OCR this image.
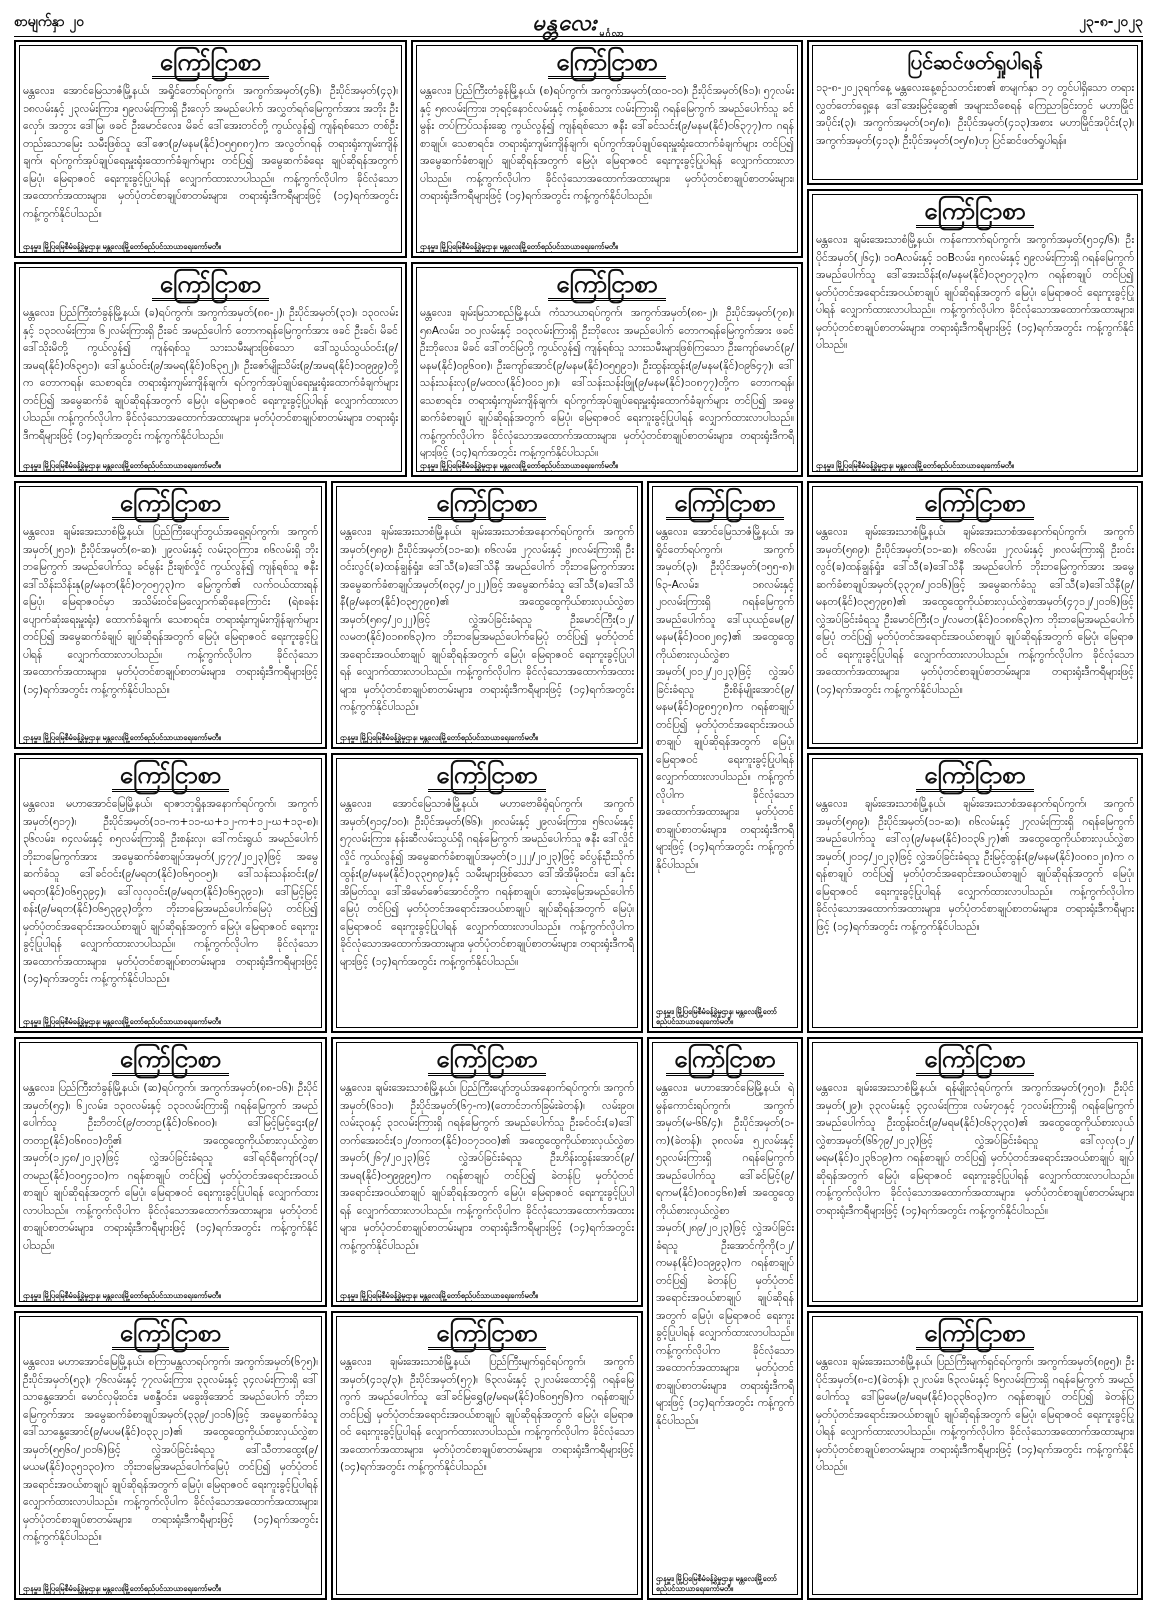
စာမျက်နှာ ၂၀	မန္တလေး မင်္ဂလာ
၂၃-၈-၂၀၂၃
ကြော်ငြာစာ
မန္တလေး၊ အောင်မြေသာဇံမြို့နယ်၊ အရှိုင်တော်ရပ်ကွက်၊ အကွက်အမှတ်(၄၆)၊ ဦးပိုင်အမှတ်(၄၃)၊ ၁၈လမ်းနှင့် ၂၃လမ်းကြား၊ ၅၉လမ်းကြားရှိ ဦးလှော် အမည်ပေါက် အလွှတ်ရဂ်မြေကွက်အား အဘိုး ဦးလှော်၊ အဘွား ဒေါ်မြ၊ ဖခင် ဦးမောင်လေး၊ မိခင် ဒေါ်အေးတင်တို့ ကွယ်လွန်၍ ကျန်ရစ်သော တစ်ဦးတည်းသောမြေး သမီးဖြစ်သူ ဒေါ်ဇော(၉/မနမ(နိုင်)၀၅၅၈၈၇)က အလွတ်ဂရန် တရားရုံးကျမ်းကျိန်ချက်၊ ရပ်ကွက်အုပ်ချုပ်ရေးမှူးရုံးထောက်ခံချက်များ တင်ပြ၍ အမွေဆက်ခံရေး ချုပ်ဆိုရန်အတွက် မြေပုံ၊ မြေရာဇဝင် ရေးကူးခွင့်ပြုပါရန် လျှောက်ထားလာပါသည်။ ကန့်ကွက်လိုပါက ခိုင်လုံသောအထောက်အထားများ၊ မှတ်ပုံတင်စာချုပ်စာတမ်းများ၊ တရားရုံးဒီကရီများဖြင့် (၁၄)ရက်အတွင်း ကန့်ကွက်နိုင်ပါသည်။
ဌာနမှူး၊ မြို့ပြမြေစီမံခန့်ခွဲမှုဌာန၊ မန္တလေးမြို့တော်စည်ပင်သာယာရေးကော်မတီ။
ကြော်ငြာစာ
မန္တလေး၊ ပြည်ကြီးတံခွန်မြို့နယ်၊ (စ)ရပ်ကွက်၊ အကွက်အမှတ်(ထ၀-၁၀)၊ ဦးပိုင်အမှတ်(၆၁)၊ ၅၇လမ်းနှင့် ၅၈လမ်းကြား၊ ဘုရင့်နောင်လမ်းနှင့် ကန့်စစ်သား လမ်းကြားရှိ ဂရန်မြေကွက် အမည်ပေါက်သူ ခင်မွန်း တပ်ကြပ်သန်းဆွေ ကွယ်လွန်၍ ကျန်ရစ်သော ဇနီး ဒေါ်ခင်သင်း(၉/မနမ(နိုင်)၀၆၃၇၇)က ဂရန်စာချုပ်၊ သေစာရင်း၊ တရားရုံးကျမ်းကျိန်ချက်၊ ရပ်ကွက်အုပ်ချုပ်ရေးမှူးရုံးထောက်ခံချက်များ တင်ပြ၍ အမွေဆက်ခံစာချုပ် ချုပ်ဆိုရန်အတွက် မြေပုံ၊ မြေရာဇဝင် ရေးကူးခွင့်ပြုပါရန် လျှောက်ထားလာပါသည်။ ကန့်ကွက်လိုပါက ခိုင်လုံသောအထောက်အထားများ၊ မှတ်ပုံတင်စာချုပ်စာတမ်းများ၊ တရားရုံးဒီကရီများဖြင့် (၁၄)ရက်အတွင်း ကန့်ကွက်နိုင်ပါသည်။
ဌာနမှူး၊ မြို့ပြမြေစီမံခန့်ခွဲမှုဌာန၊ မန္တလေးမြို့တော်စည်ပင်သာယာရေးကော်မတီ။
ပြင်ဆင်ဖတ်ရှုပါရန်
၁၃-၈-၂၀၂၃ရက်နေ့ မန္တလေးနေ့စဉ်သတင်းစာ၏ စာမျက်နှာ ၁၇ တွင်ပါရှိသော တရားလွှတ်တော်ရှေ့နေ ဒေါ်အေးမြင့်ဆွေ၏ အများသိစေရန် ကြေညာခြင်းတွင် မဟာမြိုင်အပိုင်း(၃)၊ အကွက်အမှတ်(၁၅/၈)၊ ဦးပိုင်အမှတ်(၄၁၃)အစား မဟာမြိုင်အပိုင်း(၃)၊ အကွက်အမှတ်(၄၁၃)၊ ဦးပိုင်အမှတ်(၁၅/၈)ဟု ပြင်ဆင်ဖတ်ရှုပါရန်။
ကြော်ငြာစာ
မန္တလေး၊ ပြည်ကြီးတံခွန်မြို့နယ်၊ (ခ)ရပ်ကွက်၊ အကွက်အမှတ်(၈၈-၂)၊ ဦးပိုင်အမှတ်(၃၁)၊ ၁၃၀လမ်းနှင့် ၁၃၁လမ်းကြား၊ ၆၂လမ်းကြားရှိ ဦးခင် အမည်ပေါက် တောကရန်မြေကွက်အား ဖခင် ဦးခင်၊ မိခင် ဒေါ်သိုးမိတို့ ကွယ်လွန်၍ ကျန်ရစ်သူ သားသမီးများဖြစ်သော ဒေါ်သွယ်သွယ်ဝင်း(၉/အမရ(နိုင်)၀၆၃၅၁)၊ ဒေါ်နွယ်ဝင်း(၉/အမရ(နိုင်)၀၆၃၅၂)၊ ဦးဇော်မျိုးသိမ်း(၉/အမရ(နိုင်)၁၀၉၉၉)တို့က တောကရန်၊ သေစာရင်း၊ တရားရုံးကျမ်းကျိန်ချက်၊ ရပ်ကွက်အုပ်ချုပ်ရေးမှူးရုံးထောက်ခံချက်များ တင်ပြ၍ အမွေဆက်ခံ ချုပ်ဆိုရန်အတွက် မြေပုံ၊ မြေရာဇဝင် ရေးကူးခွင့်ပြုပါရန် လျှောက်ထားလာပါသည်။ ကန့်ကွက်လိုပါက ခိုင်လုံသောအထောက်အထားများ၊ မှတ်ပုံတင်စာချုပ်စာတမ်းများ၊ တရားရုံးဒီကရီများဖြင့် (၁၄)ရက်အတွင်း ကန့်ကွက်နိုင်ပါသည်။
ဌာနမှူး၊ မြို့ပြမြေစီမံခန့်ခွဲမှုဌာန၊ မန္တလေးမြို့တော်စည်ပင်သာယာရေးကော်မတီ။
ကြော်ငြာစာ
မန္တလေး၊ ချမ်းမြသာစည်မြို့နယ်၊ ကံသာယာရပ်ကွက်၊ အကွက်အမှတ်(၈၈-၂)၊ ဦးပိုင်အမှတ်(၇၈)၊ ၅၈Aလမ်း၊ ၁၀၂လမ်းနှင့် ၁၀၃လမ်းကြားရှိ ဦးဘိုလေး အမည်ပေါက် တောကရန်မြေကွက်အား ဖခင် ဦးဘိုလေး၊ မိခင် ဒေါ်တင်မြတို့ ကွယ်လွန်၍ ကျန်ရစ်သူ သားသမီးများဖြစ်ကြသော ဦးကျော်မောင်(၉/မနမ(နိုင်)၀၉၆၀၈)၊ ဦးကျော်အောင်(၉/မနမ(နိုင်)၀၅၅၉၁)၊ ဦးထွန်းထွန်း(၉/မနမ(နိုင်)၀၉၆၄၇)၊ ဒေါ်သန်းသန်းလှ(၉/မထလ(နိုင်)၀၀၁၂၈)၊ ဒေါ်သန်းသန်းဖြူ(၉/မနမ(နိုင်)၁၀၈၇၇)တို့က တောကရန်၊ သေစာရင်း၊ တရားရုံးကျမ်းကျိန်ချက်၊ ရပ်ကွက်အုပ်ချုပ်ရေးမှူးရုံးထောက်ခံချက်များ တင်ပြ၍ အမွေဆက်ခံစာချုပ် ချုပ်ဆိုရန်အတွက် မြေပုံ၊ မြေရာဇဝင် ရေးကူးခွင့်ပြုပါရန် လျှောက်ထားလာပါသည်။ ကန့်ကွက်လိုပါက ခိုင်လုံသောအထောက်အထားများ၊ မှတ်ပုံတင်စာချုပ်စာတမ်းများ၊ တရားရုံးဒီကရီများဖြင့် (၁၄)ရက်အတွင်း ကန့်ကွက်နိုင်ပါသည်။
ဌာနမှူး၊ မြို့ပြမြေစီမံခန့်ခွဲမှုဌာန၊ မန္တလေးမြို့တော်စည်ပင်သာယာရေးကော်မတီ။
ကြော်ငြာစာ
မန္တလေး၊ ချမ်းအေးသာစံမြို့နယ်၊ ကန်ကောက်ရပ်ကွက်၊ အကွက်အမှတ်(၅၁၄/၆)၊ ဦးပိုင်အမှတ်(၂၆၄)၊ ၁၀Aလမ်းနှင့် ၁၀Bလမ်း၊ ၅၈လမ်းနှင့် ၅၉လမ်းကြားရှိ ဂရန်မြေကွက် အမည်ပေါက်သူ ဒေါ်အေးသိန်း(၈/မနမ(နိုင်)၀၃၅၀၇၃)က ဂရန်စာချုပ် တင်ပြ၍ မှတ်ပုံတင်အရောင်းအဝယ်စာချုပ် ချုပ်ဆိုရန်အတွက် မြေပုံ၊ မြေရာဇဝင် ရေးကူးခွင့်ပြုပါရန် လျှောက်ထားလာပါသည်။ ကန့်ကွက်လိုပါက ခိုင်လုံသောအထောက်အထားများ၊ မှတ်ပုံတင်စာချုပ်စာတမ်းများ၊ တရားရုံးဒီကရီများဖြင့် (၁၄)ရက်အတွင်း ကန့်ကွက်နိုင်ပါသည်။
ဌာနမှူး၊ မြို့ပြမြေစီမံခန့်ခွဲမှုဌာန၊ မန္တလေးမြို့တော်စည်ပင်သာယာရေးကော်မတီ။
ကြော်ငြာစာ
မန္တလေး၊ ချမ်းအေးသာစံမြို့နယ်၊ ပြည်ကြီးပျော်ဘွယ်အရှေ့ရပ်ကွက်၊ အကွက်အမှတ်(၂၅၁)၊ ဦးပိုင်အမှတ်(၈-ဆ)၊ ၂၉လမ်းနှင့် လမ်း၃၀ကြား၊ ၈၆လမ်းရှိ ဘိုးဘမြေကွက် အမည်ပေါက်သူ ခင်မွန်း ဦးချစ်လှိုင် ကွယ်လွန်၍ ကျန်ရစ်သူ ဇနီး ဒေါ်သိန်းသိန်းနု(၉/မနတ(နိုင်)၀၇၀၅၇၃)က မြေကွက်၏ လက်ဝယ်ထားရန် မြေပုံ၊ မြေရာဇဝင်မှာ အသိမ်းဝင်မြေလျှောက်ဆိုနေကြောင်း (ရဲစခန်း ပျောက်ဆုံးရေးမှူးရုံး) ထောက်ခံချက်၊ သေစာရင်း၊ တရားရုံးကျမ်းကျိန်ချက်များ တင်ပြ၍ အမွေဆက်ခံချုပ် ချုပ်ဆိုရန်အတွက် မြေပုံ၊ မြေရာဇဝင် ရေးကူးခွင့်ပြုပါရန် လျှောက်ထားလာပါသည်။ ကန့်ကွက်လိုပါက ခိုင်လုံသောအထောက်အထားများ၊ မှတ်ပုံတင်စာချုပ်စာတမ်းများ၊ တရားရုံးဒီကရီများဖြင့် (၁၄)ရက်အတွင်း ကန့်ကွက်နိုင်ပါသည်။
ဌာနမှူး၊ မြို့ပြမြေစီမံခန့်ခွဲမှုဌာန၊ မန္တလေးမြို့တော်စည်ပင်သာယာရေးကော်မတီ။
ကြော်ငြာစာ
မန္တလေး၊ ချမ်းအေးသာစံမြို့နယ်၊ ချမ်းအေးသာစံအနောက်ရပ်ကွက်၊ အကွက်အမှတ်(၅၈၉)၊ ဦးပိုင်အမှတ်(၁၁-ဆ)၊ ၈၆လမ်း၊ ၂၇လမ်းနှင့် ၂၈လမ်းကြားရှိ ဦးဝင်းလွင်(ခ)ထန်ချွန်ရှုံး၊ ဒေါ်သီ(ခ)ဒေါ်သိနီ အမည်ပေါက် ဘိုးဘမြေကွက်အား အမွေဆက်ခံစာချုပ်အမှတ်(၈၃၄/၂၀၂၂)ဖြင့် အမွေဆက်ခံသူ ဒေါ်သီ(ခ)ဒေါ်သိနီ(၉/မနတ(နိုင်)၀၃၅၇၉၈)၏ အထွေထွေကိုယ်စားလှယ်လွှဲစာအမှတ်(၅၈၄/၂၀၂၂)ဖြင့် လွှဲအပ်ခြင်းခံရသူ ဦးမောင်ကြီး(၁၂/လမတ(နိုင်)၀၁၈၈၆၃)က ဘိုးဘမြေအမည်ပေါက်မြေပုံ တင်ပြ၍ မှတ်ပုံတင်အရောင်းအဝယ်စာချုပ် ချုပ်ဆိုရန်အတွက် မြေပုံ၊ မြေရာဇဝင် ရေးကူးခွင့်ပြုပါရန် လျှောက်ထားလာပါသည်။ ကန့်ကွက်လိုပါက ခိုင်လုံသောအထောက်အထားများ၊ မှတ်ပုံတင်စာချုပ်စာတမ်းများ၊ တရားရုံးဒီကရီများဖြင့် (၁၄)ရက်အတွင်း ကန့်ကွက်နိုင်ပါသည်။
ဌာနမှူး၊ မြို့ပြမြေစီမံခန့်ခွဲမှုဌာန၊ မန္တလေးမြို့တော်စည်ပင်သာယာရေးကော်မတီ။
ကြော်ငြာစာ
မန္တလေး၊ အောင်မြေသာဇံမြို့နယ်၊ အရှိုင်တော်ရပ်ကွက်၊ အကွက်အမှတ်(၃)၊ ဦးပိုင်အမှတ်(၁၅၅-၈)၊ ၆၃-Aလမ်း၊ ၁၈လမ်းနှင့် ၂၀လမ်းကြားရှိ ဂရန်မြေကွက် အမည်ပေါက်သူ ဒေါ်ယုယဉ်မေ(၉/မနမ(နိုင်)၀၀၈၂၈၄)၏ အထွေထွေကိုယ်စားလှယ်လွှဲစာအမှတ်(၂၀၁၂/၂၀၂၃)ဖြင့် လွှဲအပ်ခြင်းခံရသူ ဦးစိန်မျိုးအောင်(၉/မနမ(နိုင်)၀၉၈၅၇၈)က ဂရန်စာချုပ် တင်ပြ၍ မှတ်ပုံတင်အရောင်းအဝယ်စာချုပ် ချုပ်ဆိုရန်အတွက် မြေပုံ၊ မြေရာဇဝင် ရေးကူးခွင့်ပြုပါရန် လျှောက်ထားလာပါသည်။ ကန့်ကွက်လိုပါက ခိုင်လုံသောအထောက်အထားများ၊ မှတ်ပုံတင်စာချုပ်စာတမ်းများ၊ တရားရုံးဒီကရီများဖြင့် (၁၄)ရက်အတွင်း ကန့်ကွက်နိုင်ပါသည်။
ဌာနမှူး၊ မြို့ပြမြေစီမံခန့်ခွဲမှုဌာန၊ မန္တလေးမြို့တော်စည်ပင်သာယာရေးကော်မတီ။
ကြော်ငြာစာ
မန္တလေး၊ ချမ်းအေးသာစံမြို့နယ်၊ ချမ်းအေးသာစံအနောက်ရပ်ကွက်၊ အကွက်အမှတ်(၅၈၉)၊ ဦးပိုင်အမှတ်(၁၁-ဆ)၊ ၈၆လမ်း၊ ၂၇လမ်းနှင့် ၂၈လမ်းကြားရှိ ဦးဝင်းလွင်(ခ)ထန်ချွန်ရှုံး၊ ဒေါ်သီ(ခ)ဒေါ်သိနီ အမည်ပေါက် ဘိုးဘမြေကွက်အား အမွေဆက်ခံစာချုပ်အမှတ်(၃၃၇၈/၂၀၁၆)ဖြင့် အမွေဆက်ခံသူ ဒေါ်သီ(ခ)ဒေါ်သိနီ(၉/မနတ(နိုင်)၀၃၅၇၉၈)၏ အထွေထွေကိုယ်စားလှယ်လွှဲစာအမှတ်(၄၇၁၂/၂၀၁၆)ဖြင့် လွှဲအပ်ခြင်းခံရသူ ဦးမောင်ကြီး(၁၂/လမတ(နိုင်)၀၁၈၈၆၃)က ဘိုးဘမြေအမည်ပေါက်မြေပုံ တင်ပြ၍ မှတ်ပုံတင်အရောင်းအဝယ်စာချုပ် ချုပ်ဆိုရန်အတွက် မြေပုံ၊ မြေရာဇဝင် ရေးကူးခွင့်ပြုပါရန် လျှောက်ထားလာပါသည်။ ကန့်ကွက်လိုပါက ခိုင်လုံသောအထောက်အထားများ၊ မှတ်ပုံတင်စာချုပ်စာတမ်းများ၊ တရားရုံးဒီကရီများဖြင့် (၁၄)ရက်အတွင်း ကန့်ကွက်နိုင်ပါသည်။
ကြော်ငြာစာ
မန္တလေး၊ မဟာအောင်မြေမြို့နယ်၊ ရာဇာဘုရှိုနအနောက်ရပ်ကွက်၊ အကွက်အမှတ်(၅၁၇)၊ ဦးပိုင်အမှတ်(၁၁-က+၁၁-ဃ+၁၂-က+၁၂-ဃ+၁၃-စ)၊ ၃၆လမ်း၊ ၈၄လမ်းနှင့် ၈၅လမ်းကြားရှိ ဦးစန်းလှ၊ ဒေါ်ကင်းရွယ် အမည်ပေါက် ဘိုးဘမြေကွက်အား အမွေဆက်ခံစာချုပ်အမှတ်(၂၄၇၇/၂၀၂၃)ဖြင့် အမွေဆက်ခံသူ ဒေါ်ခင်ဝင်း(၉/မရတ(နိုင်)၀၆၅၀၀၅)၊ ဒေါ်သန်းသန်းဝင်း(၉/မရတ(နိုင်)၀၆၅၃၉၄)၊ ဒေါ်လှလှဝင်း(၉/မရတ(နိုင်)၀၆၅၃၉၁)၊ ဒေါ်မြင့်မြင့်စန်း(၉/မရတ(နိုင်)၀၆၅၃၉၃)တို့က ဘိုးဘမြေအမည်ပေါက်မြေပုံ တင်ပြ၍ မှတ်ပုံတင်အရောင်းအဝယ်စာချုပ် ချုပ်ဆိုရန်အတွက် မြေပုံ၊ မြေရာဇဝင် ရေးကူးခွင့်ပြုပါရန် လျှောက်ထားလာပါသည်။ ကန့်ကွက်လိုပါက ခိုင်လုံသောအထောက်အထားများ၊ မှတ်ပုံတင်စာချုပ်စာတမ်းများ၊ တရားရုံးဒီကရီများဖြင့် (၁၄)ရက်အတွင်း ကန့်ကွက်နိုင်ပါသည်။
ဌာနမှူး၊ မြို့ပြမြေစီမံခန့်ခွဲမှုဌာန၊ မန္တလေးမြို့တော်စည်ပင်သာယာရေးကော်မတီ။
ကြော်ငြာစာ
မန္တလေး၊ အောင်မြေသာဇံမြို့နယ်၊ မဟာဗောဓိရုံရပ်ကွက်၊ အကွက်အမှတ်(၅၁၄/၁၀)၊ ဦးပိုင်အမှတ်(၆၆)၊ ၂၈လမ်းနှင့် ၂၉လမ်းကြား၊ ၅၆လမ်းနှင့် ၅၇လမ်းကြား၊ နန်းဆီလမ်းသွယ်ရှိ ဂရန်မြေကွက် အမည်ပေါက်သူ ဇနီး ဒေါ်လှိုင်လှိုင် ကွယ်လွန်၍ အမွေဆက်ခံစာချုပ်အမှတ်(၁၂၂၂/၂၀၂၃)ဖြင့် ခင်ပွန်းဦးသိုက်ထွန်း(၉/မနမ(နိုင်)၀၃၃၅၈၉)နှင့် သမီးများဖြစ်သော ဒေါ်အိအိမိုးဝင်း၊ ဒေါ်နှင်းအိမြတ်သူ၊ ဒေါ်အိမော်ဇော်အောင်တို့က ဂရန်စာချုပ်၊ ဘေးမဲ့မြေအမည်ပေါက်မြေပုံ တင်ပြ၍ မှတ်ပုံတင်အရောင်းအဝယ်စာချုပ် ချုပ်ဆိုရန်အတွက် မြေပုံ၊ မြေရာဇဝင် ရေးကူးခွင့်ပြုပါရန် လျှောက်ထားလာပါသည်။ ကန့်ကွက်လိုပါက ခိုင်လုံသောအထောက်အထားများ၊ မှတ်ပုံတင်စာချုပ်စာတမ်းများ၊ တရားရုံးဒီကရီများဖြင့် (၁၄)ရက်အတွင်း ကန့်ကွက်နိုင်ပါသည်။
ကြော်ငြာစာ
မန္တလေး၊ ချမ်းအေးသာစံမြို့နယ်၊ ချမ်းအေးသာစံအနောက်ရပ်ကွက်၊ အကွက်အမှတ်(၅၈၉)၊ ဦးပိုင်အမှတ်(၁၁-ဆ)၊ ၈၆လမ်းနှင့် ၂၇လမ်းကြားရှိ ဂရန်မြေကွက် အမည်ပေါက်သူ ဒေါ်လှ(၉/မနမ(နိုင်)၀၁၃၆၂၇)၏ အထွေထွေကိုယ်စားလှယ်လွှဲစာအမှတ်(၂၀၁၄/၂၀၂၃)ဖြင့် လွှဲအပ်ခြင်းခံရသူ ဦးမြင့်ထွန်း(၉/မနမ(နိုင်)၀၀၈၁၂၈)က ဂရန်စာချုပ် တင်ပြ၍ မှတ်ပုံတင်အရောင်းအဝယ်စာချုပ် ချုပ်ဆိုရန်အတွက် မြေပုံ၊ မြေရာဇဝင် ရေးကူးခွင့်ပြုပါရန် လျှောက်ထားလာပါသည်။ ကန့်ကွက်လိုပါက ခိုင်လုံသောအထောက်အထားများ၊ မှတ်ပုံတင်စာချုပ်စာတမ်းများ၊ တရားရုံးဒီကရီများဖြင့် (၁၄)ရက်အတွင်း ကန့်ကွက်နိုင်ပါသည်။
ကြော်ငြာစာ
မန္တလေး၊ ပြည်ကြီးတံခွန်မြို့နယ်၊ (ဆ)ရပ်ကွက်၊ အကွက်အမှတ်(၈၈-၁၆)၊ ဦးပိုင်အမှတ်(၅၄)၊ ၆၂လမ်း၊ ၁၃၀လမ်းနှင့် ၁၃၁လမ်းကြားရှိ ဂရန်မြေကွက် အမည်ပေါက်သူ ဦးဘိတင်(၉/တတဥ(နိုင်)၀၆၈၀၀)၊ ဒေါ်မြင့်မြင့်ဌေး(၉/တတဥ(နိုင်)၀၆၈၀၁)တို့၏ အထွေထွေကိုယ်စားလှယ်လွှဲစာအမှတ်(၁၂၄၈/၂၀၂၃)ဖြင့် လွှဲအပ်ခြင်းခံရသူ ဒေါ်ရင်ရီကျော်(၁၃/တမည(နိုင်)၀၀၅၄၁၀)က ဂရန်စာချုပ် တင်ပြ၍ မှတ်ပုံတင်အရောင်းအဝယ်စာချုပ် ချုပ်ဆိုရန်အတွက် မြေပုံ၊ မြေရာဇဝင် ရေးကူးခွင့်ပြုပါရန် လျှောက်ထားလာပါသည်။ ကန့်ကွက်လိုပါက ခိုင်လုံသောအထောက်အထားများ၊ မှတ်ပုံတင်စာချုပ်စာတမ်းများ၊ တရားရုံးဒီကရီများဖြင့် (၁၄)ရက်အတွင်း ကန့်ကွက်နိုင်ပါသည်။
ဌာနမှူး၊ မြို့ပြမြေစီမံခန့်ခွဲမှုဌာန၊ မန္တလေးမြို့တော်စည်ပင်သာယာရေးကော်မတီ။
ကြော်ငြာစာ
မန္တလေး၊ ချမ်းအေးသာစံမြို့နယ်၊ ပြည်ကြီးပျော်ဘွယ်အနောက်ရပ်ကွက်၊ အကွက်အမှတ်(၆၁၁)၊ ဦးပိုင်အမှတ်(၆၇-က)(တောင်ဘက်ခြမ်းခဲတန်)၊ လမ်း၉၀၊ လမ်း၃၀နှင့် ၃၁လမ်းကြားရှိ ဂရန်မြေကွက် အမည်ပေါက်သူ ဦးခင်ဝင်း(ခ)ဒေါ်တက်အေးဝင်း(၁၂/တကတ(နိုင်)၀၁၇၁၀၀)၏ အထွေထွေကိုယ်စားလှယ်လွှဲစာအမှတ်(၂၆၇/၂၀၂၃)ဖြင့် လွှဲအပ်ခြင်းခံရသူ ဦးဟိန်းထွန်းအောင်(၉/အမရ(နိုင်)၀၅၉၉၉၅)က ဂရန်စာချုပ် တင်ပြ၍ ခဲတန်ပြ မှတ်ပုံတင်အရောင်းအဝယ်စာချုပ် ချုပ်ဆိုရန်အတွက် မြေပုံ၊ မြေရာဇဝင် ရေးကူးခွင့်ပြုပါရန် လျှောက်ထားလာပါသည်။ ကန့်ကွက်လိုပါက ခိုင်လုံသောအထောက်အထားများ၊ မှတ်ပုံတင်စာချုပ်စာတမ်းများ၊ တရားရုံးဒီကရီများဖြင့် (၁၄)ရက်အတွင်း ကန့်ကွက်နိုင်ပါသည်။
ဌာနမှူး၊ မြို့ပြမြေစီမံခန့်ခွဲမှုဌာန၊ မန္တလေးမြို့တော်စည်ပင်သာယာရေးကော်မတီ။
ကြော်ငြာစာ
မန္တလေး၊ မဟာအောင်မြေမြို့နယ်၊ ရဲမွန်ကောင်းရပ်ကွက်၊ အကွက်အမှတ်(မ-၆၆/၄)၊ ဦးပိုင်အမှတ်(၁-က)(ခဲတန်)၊ ၃၈လမ်း၊ ၅၂လမ်းနှင့် ၅၃လမ်းကြားရှိ ဂရန်မြေကွက် အမည်ပေါက်သူ ဒေါ်ခင်မြင့်(၉/ရကမ(နိုင်)၀၈၁၄၆၈)၏ အထွေထွေကိုယ်စားလှယ်လွှဲစာအမှတ်(၂၈၉/၂၀၂၃)ဖြင့် လွှဲအပ်ခြင်းခံရသူ ဦးအောင်ကိုကို(၁၂/ကမန(နိုင်)၀၁၉၉၃)က ဂရန်စာချုပ် တင်ပြ၍ ခဲတန်ပြ မှတ်ပုံတင်အရောင်းအဝယ်စာချုပ် ချုပ်ဆိုရန်အတွက် မြေပုံ၊ မြေရာဇဝင် ရေးကူးခွင့်ပြုပါရန် လျှောက်ထားလာပါသည်။ ကန့်ကွက်လိုပါက ခိုင်လုံသောအထောက်အထားများ၊ မှတ်ပုံတင်စာချုပ်စာတမ်းများ၊ တရားရုံးဒီကရီများဖြင့် (၁၄)ရက်အတွင်း ကန့်ကွက်နိုင်ပါသည်။
ဌာနမှူး၊ မြို့ပြမြေစီမံခန့်ခွဲမှုဌာန၊ မန္တလေးမြို့တော်စည်ပင်သာယာရေးကော်မတီ။
ကြော်ငြာစာ
မန္တလေး၊ ချမ်းအေးသာစံမြို့နယ်၊ ရန်မျိုးလုံရပ်ကွက်၊ အကွက်အမှတ်(၇၅၀)၊ ဦးပိုင်အမှတ်(၂၉)၊ ၃၃လမ်းနှင့် ၃၄လမ်းကြား၊ လမ်း၇၀နှင့် ၇၁လမ်းကြားရှိ ဂရန်မြေကွက် အမည်ပေါက်သူ ဦးထွန်းဝင်း(၉/မရမ(နိုင်)၀၆၃၇၃၀)၏ အထွေထွေကိုယ်စားလှယ်လွှဲစာအမှတ်(၆၆၇၉/၂၀၂၃)ဖြင့် လွှဲအပ်ခြင်းခံရသူ ဒေါ်လှလှ(၁၂/မရမ(နိုင်)၀၂၃၆၁၉)က ဂရန်စာချုပ် တင်ပြ၍ မှတ်ပုံတင်အရောင်းအဝယ်စာချုပ် ချုပ်ဆိုရန်အတွက် မြေပုံ၊ မြေရာဇဝင် ရေးကူးခွင့်ပြုပါရန် လျှောက်ထားလာပါသည်။ ကန့်ကွက်လိုပါက ခိုင်လုံသောအထောက်အထားများ၊ မှတ်ပုံတင်စာချုပ်စာတမ်းများ၊ တရားရုံးဒီကရီများဖြင့် (၁၄)ရက်အတွင်း ကန့်ကွက်နိုင်ပါသည်။
ကြော်ငြာစာ
မန္တလေး၊ မဟာအောင်မြေမြို့နယ်၊ စကြာမန္တလာရပ်ကွက်၊ အကွက်အမှတ်(၆၇၅)၊ ဦးပိုင်အမှတ်(၅၃)၊ ၇၆လမ်းနှင့် ၇၇လမ်းကြား၊ ၃၃လမ်းနှင့် ၃၄လမ်းကြားရှိ ဒေါ်သာနွေ့အောင်၊ မောင်လှမိုးဝင်း၊ မစန္ဒီဝင်း၊ မခွေးဖိုအောင် အမည်ပေါက် ဘိုးဘမြေကွက်အား အမွေဆက်ခံစာချုပ်အမှတ်(၃၃၉/၂၀၁၆)ဖြင့် အမွေဆက်ခံသူ ဒေါ်သာနွေ့အောင်(၉/မပမ(နိုင်)၀၃၃၂၁)၏ အထွေထွေကိုယ်စားလှယ်လွှဲစာအမှတ်(၅၅၆၀/၂၀၁၆)ဖြင့် လွှဲအပ်ခြင်းခံရသူ ဒေါ်သီတာထွေး(၉/မယမ(နိုင်)၀၃၅၁၃၀)က ဘိုးဘမြေအမည်ပေါက်မြေပုံ တင်ပြ၍ မှတ်ပုံတင်အရောင်းအဝယ်စာချုပ် ချုပ်ဆိုရန်အတွက် မြေပုံ၊ မြေရာဇဝင် ရေးကူးခွင့်ပြုပါရန် လျှောက်ထားလာပါသည်။ ကန့်ကွက်လိုပါက ခိုင်လုံသောအထောက်အထားများ၊ မှတ်ပုံတင်စာချုပ်စာတမ်းများ၊ တရားရုံးဒီကရီများဖြင့် (၁၄)ရက်အတွင်း ကန့်ကွက်နိုင်ပါသည်။
ဌာနမှူး၊ မြို့ပြမြေစီမံခန့်ခွဲမှုဌာန၊ မန္တလေးမြို့တော်စည်ပင်သာယာရေးကော်မတီ။
ကြော်ငြာစာ
မန္တလေး၊ ချမ်းအေးသာစံမြို့နယ်၊ ပြည်ကြီးမျက်ရှင်ရပ်ကွက်၊ အကွက်အမှတ်(၄၁၃/၃)၊ ဦးပိုင်အမှတ်(၅၇)၊ ၆၃လမ်းနှင့် ၃၂လမ်းထောင့်ရှိ ဂရန်မြေကွက် အမည်ပေါက်သူ ဒေါ်ခင်မြရွှေ(၉/မရမ(နိုင်)၀၆၀၅၅၆)က ဂရန်စာချုပ် တင်ပြ၍ မှတ်ပုံတင်အရောင်းအဝယ်စာချုပ် ချုပ်ဆိုရန်အတွက် မြေပုံ၊ မြေရာဇဝင် ရေးကူးခွင့်ပြုပါရန် လျှောက်ထားလာပါသည်။ ကန့်ကွက်လိုပါက ခိုင်လုံသောအထောက်အထားများ၊ မှတ်ပုံတင်စာချုပ်စာတမ်းများ၊ တရားရုံးဒီကရီများဖြင့် (၁၄)ရက်အတွင်း ကန့်ကွက်နိုင်ပါသည်။
ကြော်ငြာစာ
မန္တလေး၊ ချမ်းအေးသာစံမြို့နယ်၊ ပြည်ကြီးမျက်ရှင်ရပ်ကွက်၊ အကွက်အမှတ်(၈၉၅)၊ ဦးပိုင်အမှတ်(၈-င)(ခဲတန်)၊ ၃၂လမ်း၊ ၆၃လမ်းနှင့် ၆၅လမ်းကြားရှိ ဂရန်မြေကွက် အမည်ပေါက်သူ ဒေါ်မြမေ(၉/မရမ(နိုင်)၀၃၃၆၀၃)က ဂရန်စာချုပ် တင်ပြ၍ ခဲတန်ပြ မှတ်ပုံတင်အရောင်းအဝယ်စာချုပ် ချုပ်ဆိုရန်အတွက် မြေပုံ၊ မြေရာဇဝင် ရေးကူးခွင့်ပြုပါရန် လျှောက်ထားလာပါသည်။ ကန့်ကွက်လိုပါက ခိုင်လုံသောအထောက်အထားများ၊ မှတ်ပုံတင်စာချုပ်စာတမ်းများ၊ တရားရုံးဒီကရီများဖြင့် (၁၄)ရက်အတွင်း ကန့်ကွက်နိုင်ပါသည်။
